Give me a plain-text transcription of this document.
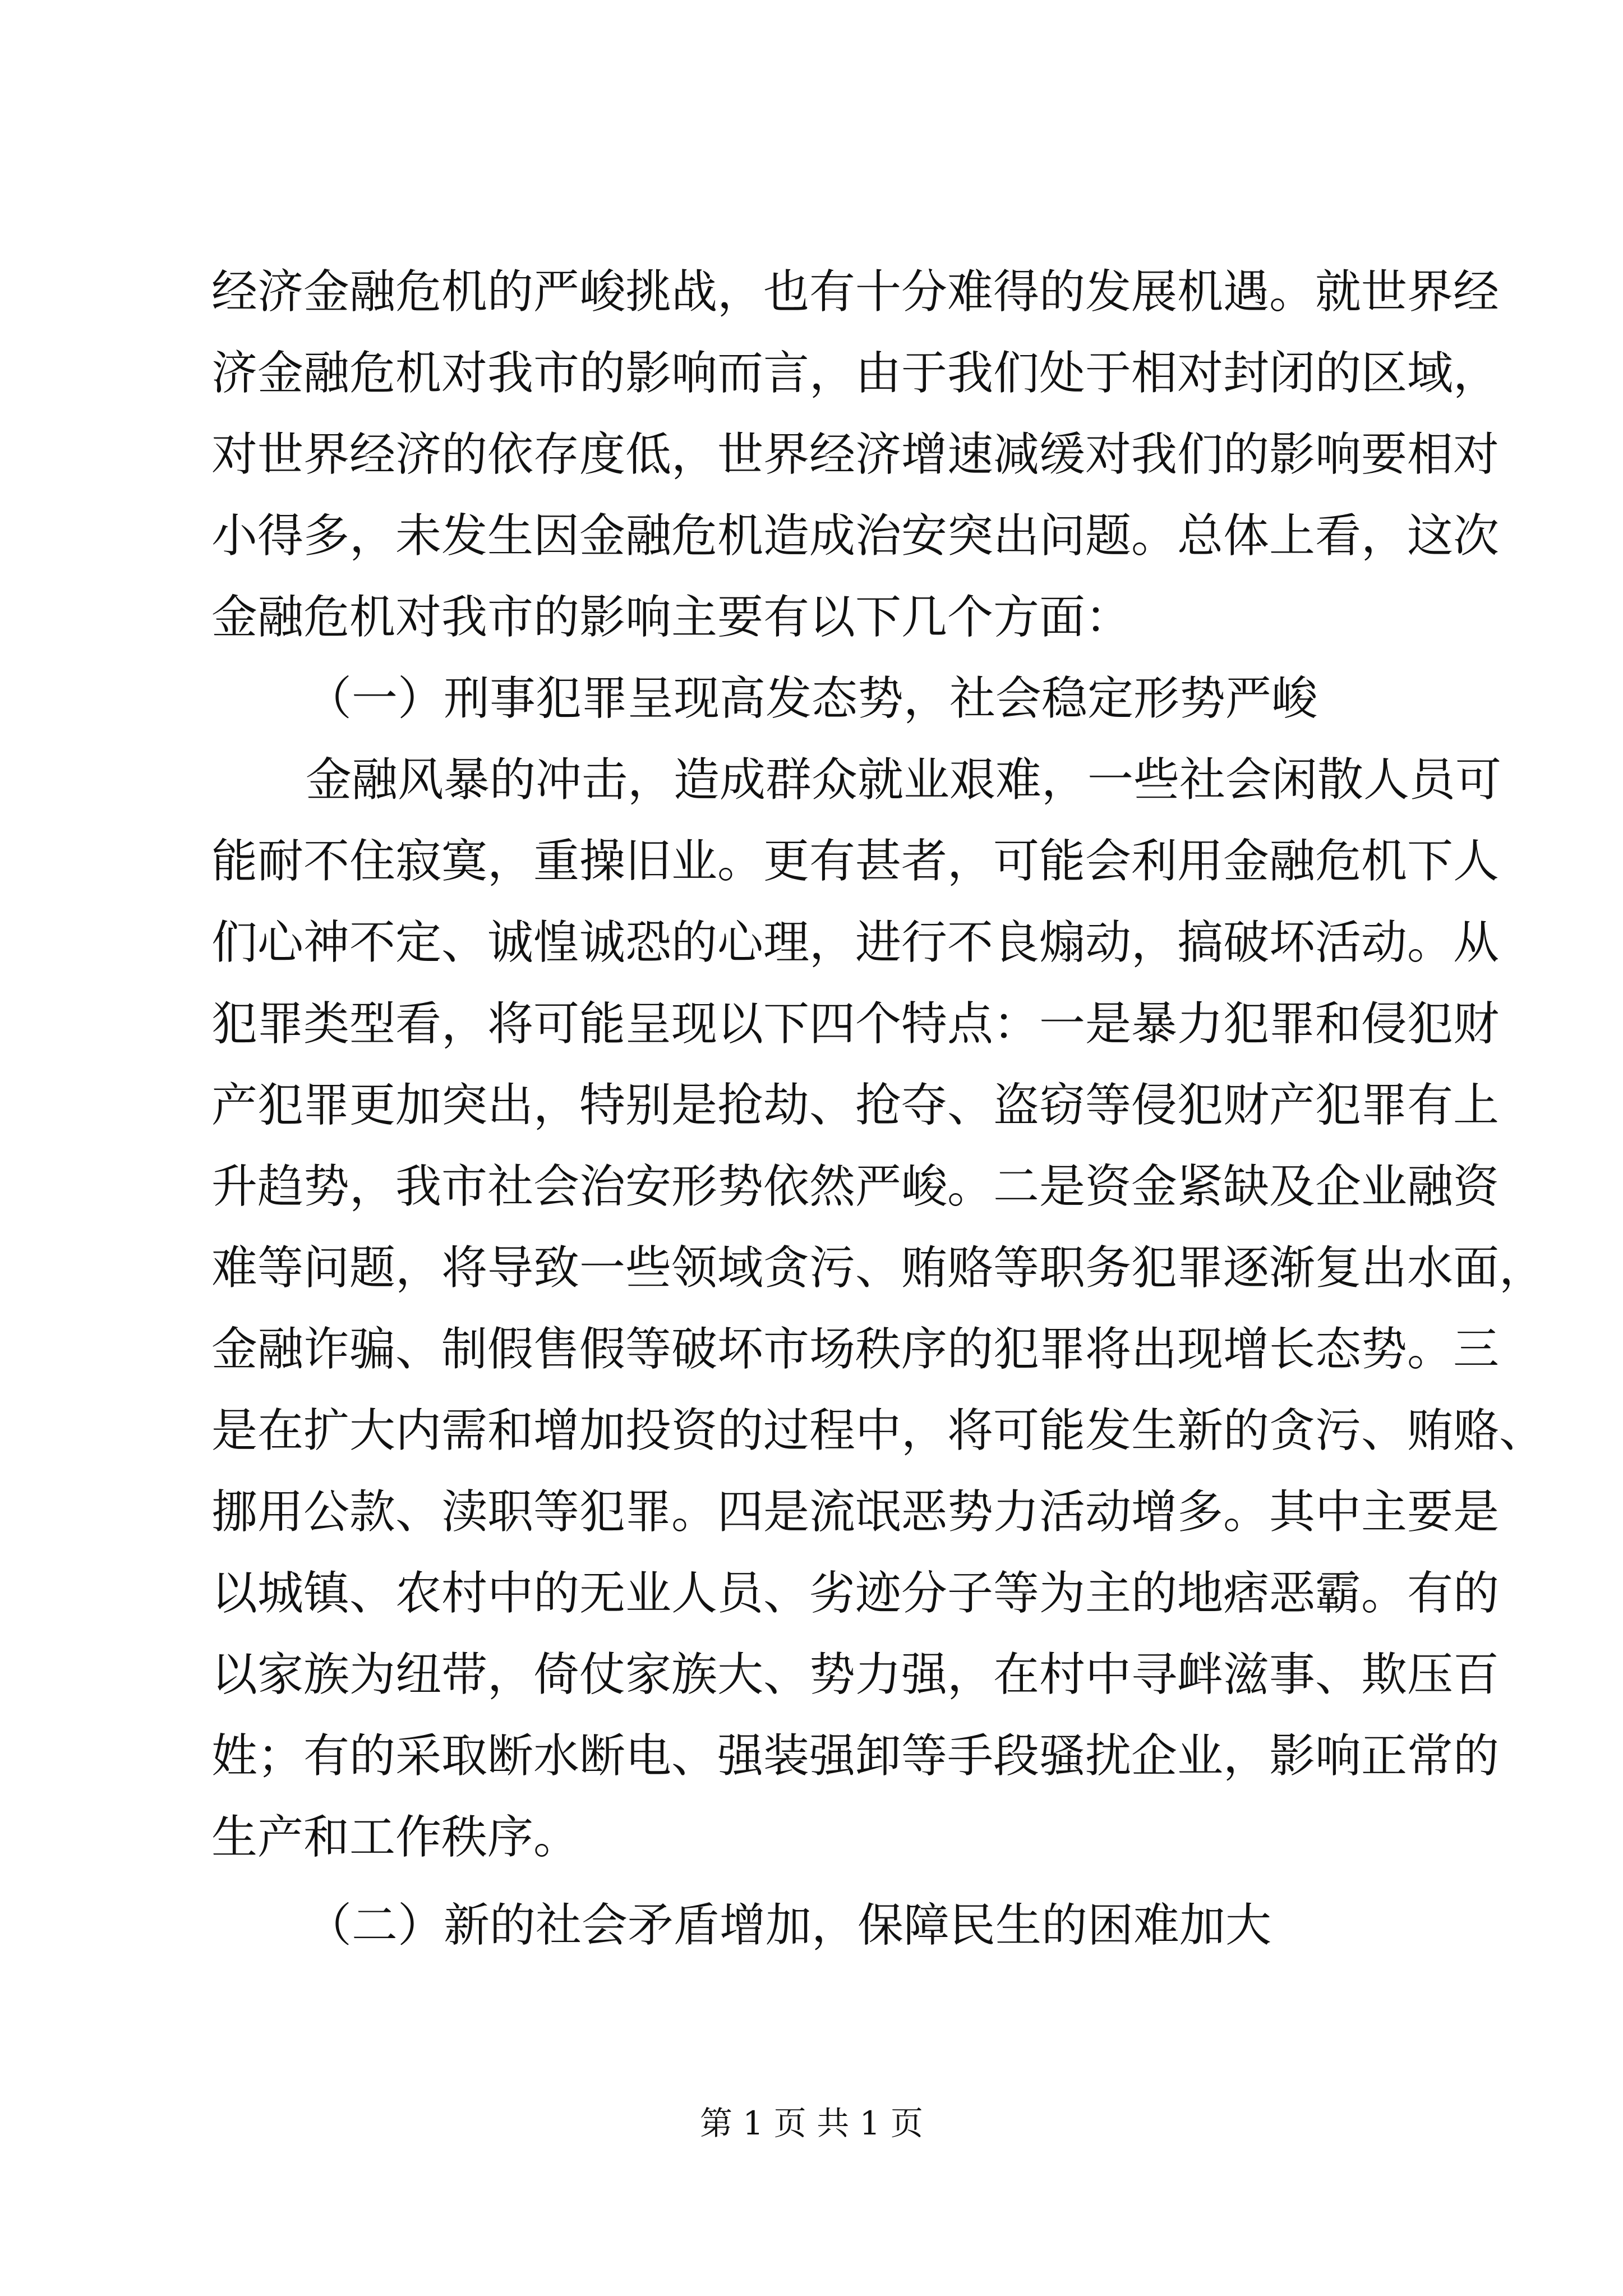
经济金融危机的严峻挑战，也有十分难得的发展机遇。就世界经
济金融危机对我市的影响而言，由于我们处于相对封闭的区域，
对世界经济的依存度低，世界经济增速减缓对我们的影响要相对
小得多，未发生因金融危机造成治安突出问题。总体上看，这次
金融危机对我市的影响主要有以下几个方面：
（一）刑事犯罪呈现高发态势，社会稳定形势严峻
金融风暴的冲击，造成群众就业艰难，一些社会闲散人员可
能耐不住寂寞，重操旧业。更有甚者，可能会利用金融危机下人
们心神不定、诚惶诚恐的心理，进行不良煽动，搞破坏活动。从
犯罪类型看，将可能呈现以下四个特点：一是暴力犯罪和侵犯财
产犯罪更加突出，特别是抢劫、抢夺、盗窃等侵犯财产犯罪有上
升趋势，我市社会治安形势依然严峻。二是资金紧缺及企业融资
难等问题，将导致一些领域贪污、贿赂等职务犯罪逐渐复出水面，
金融诈骗、制假售假等破坏市场秩序的犯罪将出现增长态势。三
是在扩大内需和增加投资的过程中，将可能发生新的贪污、贿赂、
挪用公款、渎职等犯罪。四是流氓恶势力活动增多。其中主要是
以城镇、农村中的无业人员、劣迹分子等为主的地痞恶霸。有的
以家族为纽带，倚仗家族大、势力强，在村中寻衅滋事、欺压百
姓；有的采取断水断电、强装强卸等手段骚扰企业，影响正常的
生产和工作秩序。
（二）新的社会矛盾增加，保障民生的困难加大
第 1 页 共 1 页
